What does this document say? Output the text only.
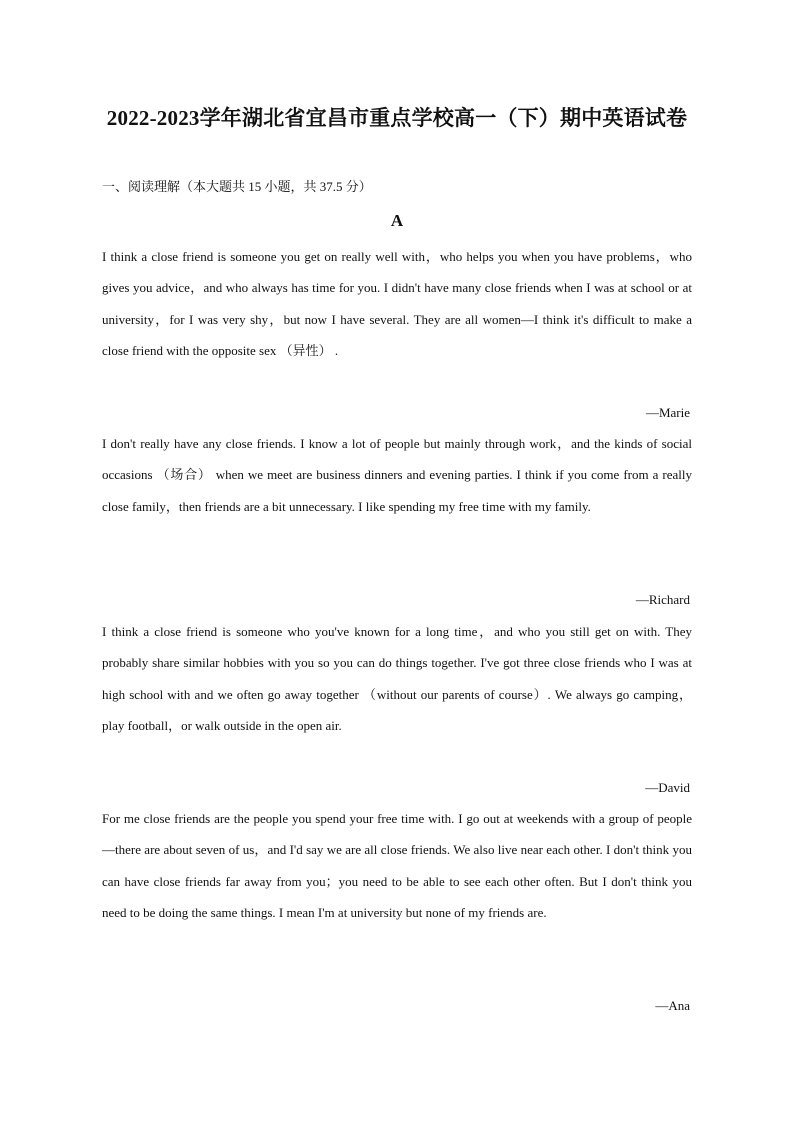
2022-2023学年湖北省宜昌市重点学校高一（下）期中英语试卷
一、阅读理解（本大题共 15 小题，共 37.5 分）
A

I think a close friend is someone you get on really well with，who helps you when you have problems，who gives you advice，and who always has time for you. I didn't have many close friends when I was at school or at university，for I was very shy，but now I have several. They are all women—I think it's difficult to make a close friend with the opposite sex （异性） .

—Marie

I don't really have any close friends. I know a lot of people but mainly through work，and the kinds of social occasions （场合） when we meet are business dinners and evening parties. I think if you come from a really close family，then friends are a bit unnecessary. I like spending my free time with my family.

—Richard

I think a close friend is someone who you've known for a long time，and who you still get on with. They probably share similar hobbies with you so you can do things together. I've got three close friends who I was at high school with and we often go away together （without our parents of course）. We always go camping，play football，or walk outside in the open air.

—David

For me close friends are the people you spend your free time with. I go out at weekends with a group of people—there are about seven of us，and I'd say we are all close friends. We also live near each other. I don't think you can have close friends far away from you；you need to be able to see each other often. But I don't think you need to be doing the same things. I mean I'm at university but none of my friends are.

—Ana
